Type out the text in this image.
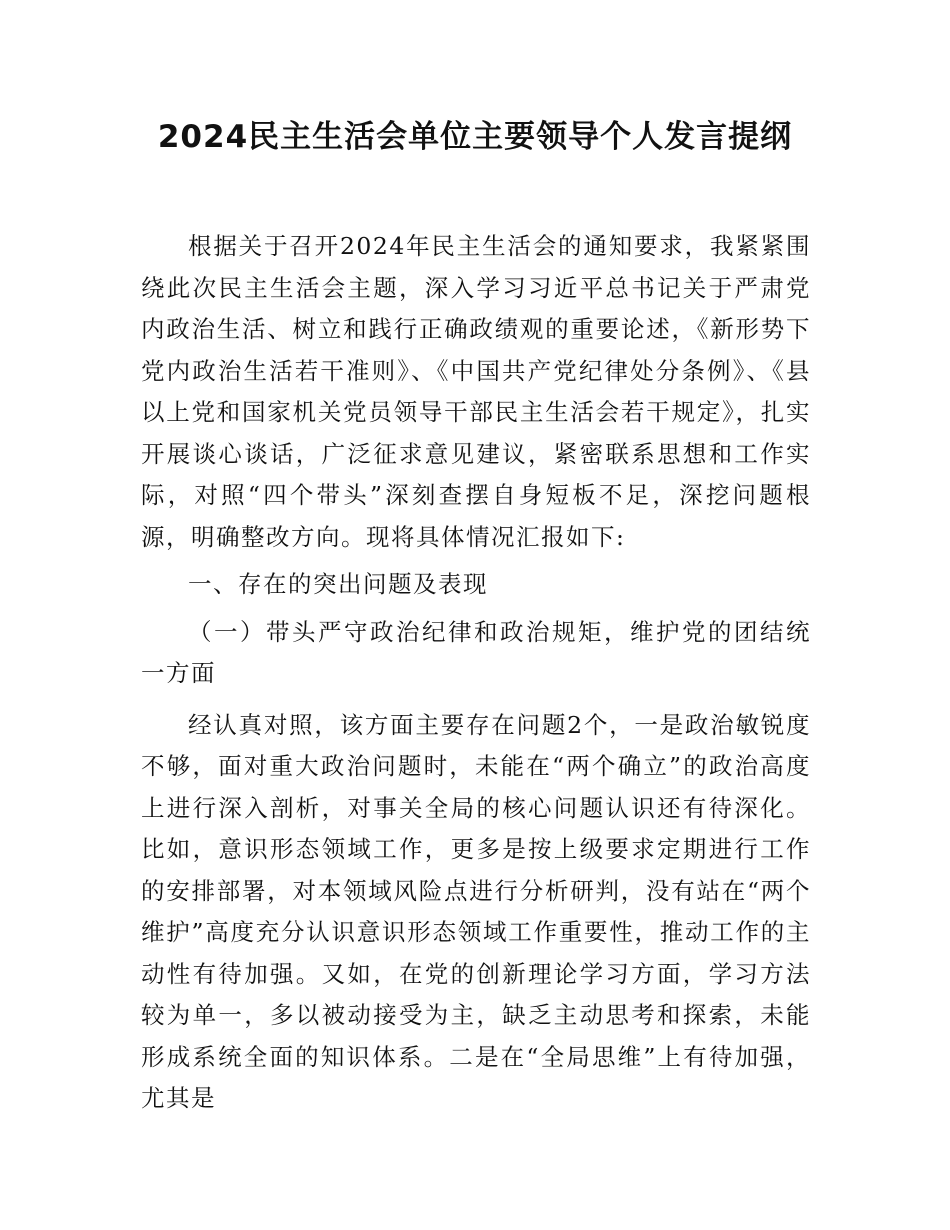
2024民主生活会单位主要领导个人发言提纲

根据关于召开2024年民主生活会的通知要求，我紧紧围绕此次民主生活会主题，深入学习习近平总书记关于严肃党内政治生活、树立和践行正确政绩观的重要论述，《新形势下党内政治生活若干准则》、《中国共产党纪律处分条例》、《县以上党和国家机关党员领导干部民主生活会若干规定》，扎实开展谈心谈话，广泛征求意见建议，紧密联系思想和工作实际，对照“四个带头”深刻查摆自身短板不足，深挖问题根源，明确整改方向。现将具体情况汇报如下:

一、存在的突出问题及表现

（一）带头严守政治纪律和政治规矩，维护党的团结统一方面

经认真对照，该方面主要存在问题2个，一是政治敏锐度不够，面对重大政治问题时，未能在“两个确立”的政治高度上进行深入剖析，对事关全局的核心问题认识还有待深化。比如，意识形态领域工作，更多是按上级要求定期进行工作的安排部署，对本领域风险点进行分析研判，没有站在“两个维护”高度充分认识意识形态领域工作重要性，推动工作的主动性有待加强。又如，在党的创新理论学习方面，学习方法较为单一，多以被动接受为主，缺乏主动思考和探索，未能形成系统全面的知识体系。二是在“全局思维”上有待加强，尤其是
